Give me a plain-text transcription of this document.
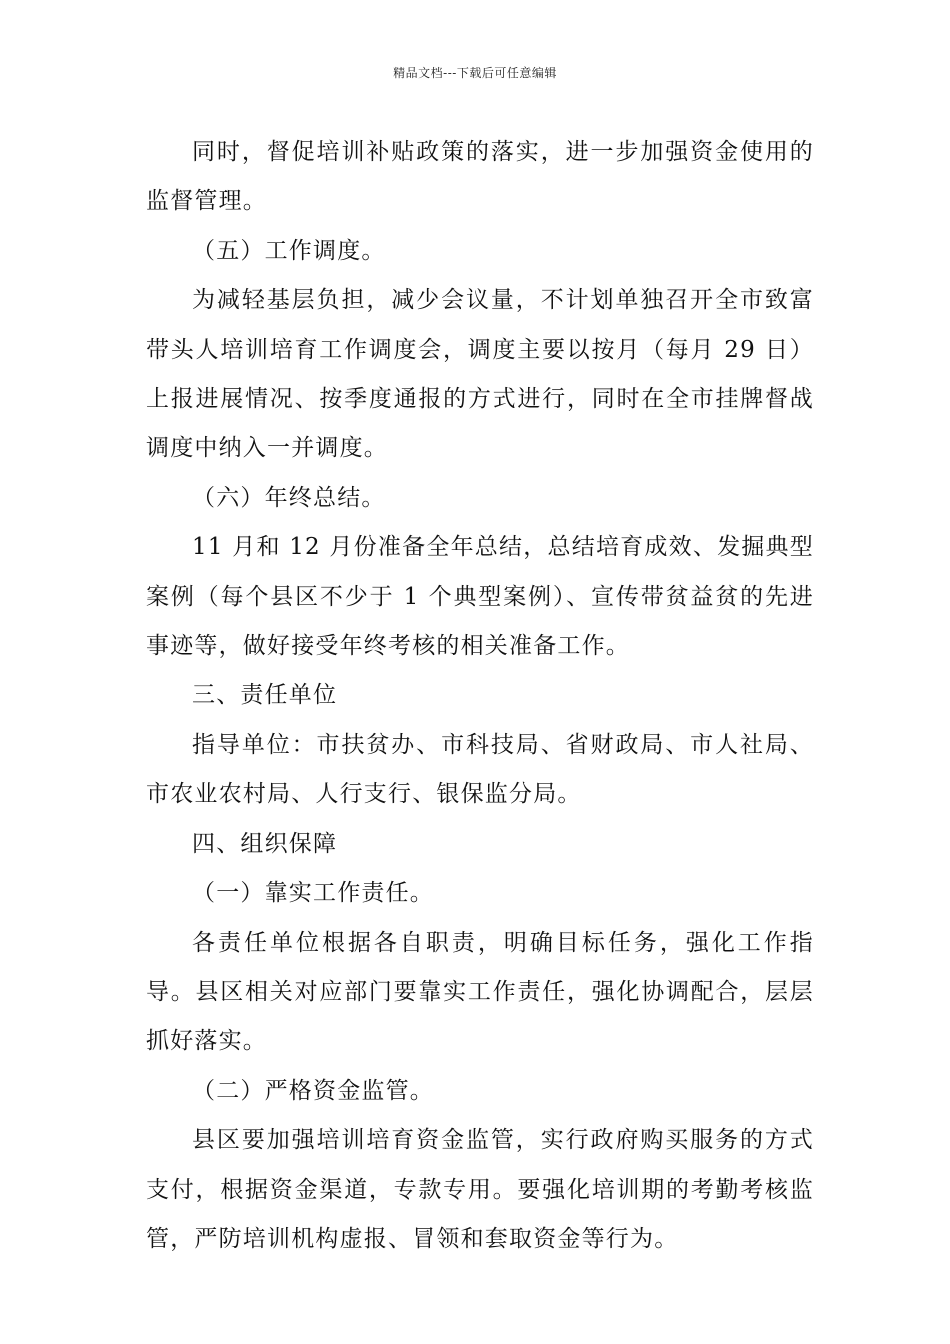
精品文档---下载后可任意编辑

同时，督促培训补贴政策的落实，进一步加强资金使用的监督管理。

（五）工作调度。

为减轻基层负担，减少会议量，不计划单独召开全市致富带头人培训培育工作调度会，调度主要以按月（每月 29 日）上报进展情况、按季度通报的方式进行，同时在全市挂牌督战调度中纳入一并调度。

（六）年终总结。

11 月和 12 月份准备全年总结，总结培育成效、发掘典型案例（每个县区不少于 1 个典型案例）、宣传带贫益贫的先进事迹等，做好接受年终考核的相关准备工作。

三、责任单位

指导单位：市扶贫办、市科技局、省财政局、市人社局、市农业农村局、人行支行、银保监分局。

四、组织保障

（一）靠实工作责任。

各责任单位根据各自职责，明确目标任务，强化工作指导。县区相关对应部门要靠实工作责任，强化协调配合，层层抓好落实。

（二）严格资金监管。

县区要加强培训培育资金监管，实行政府购买服务的方式支付，根据资金渠道，专款专用。要强化培训期的考勤考核监管，严防培训机构虚报、冒领和套取资金等行为。
